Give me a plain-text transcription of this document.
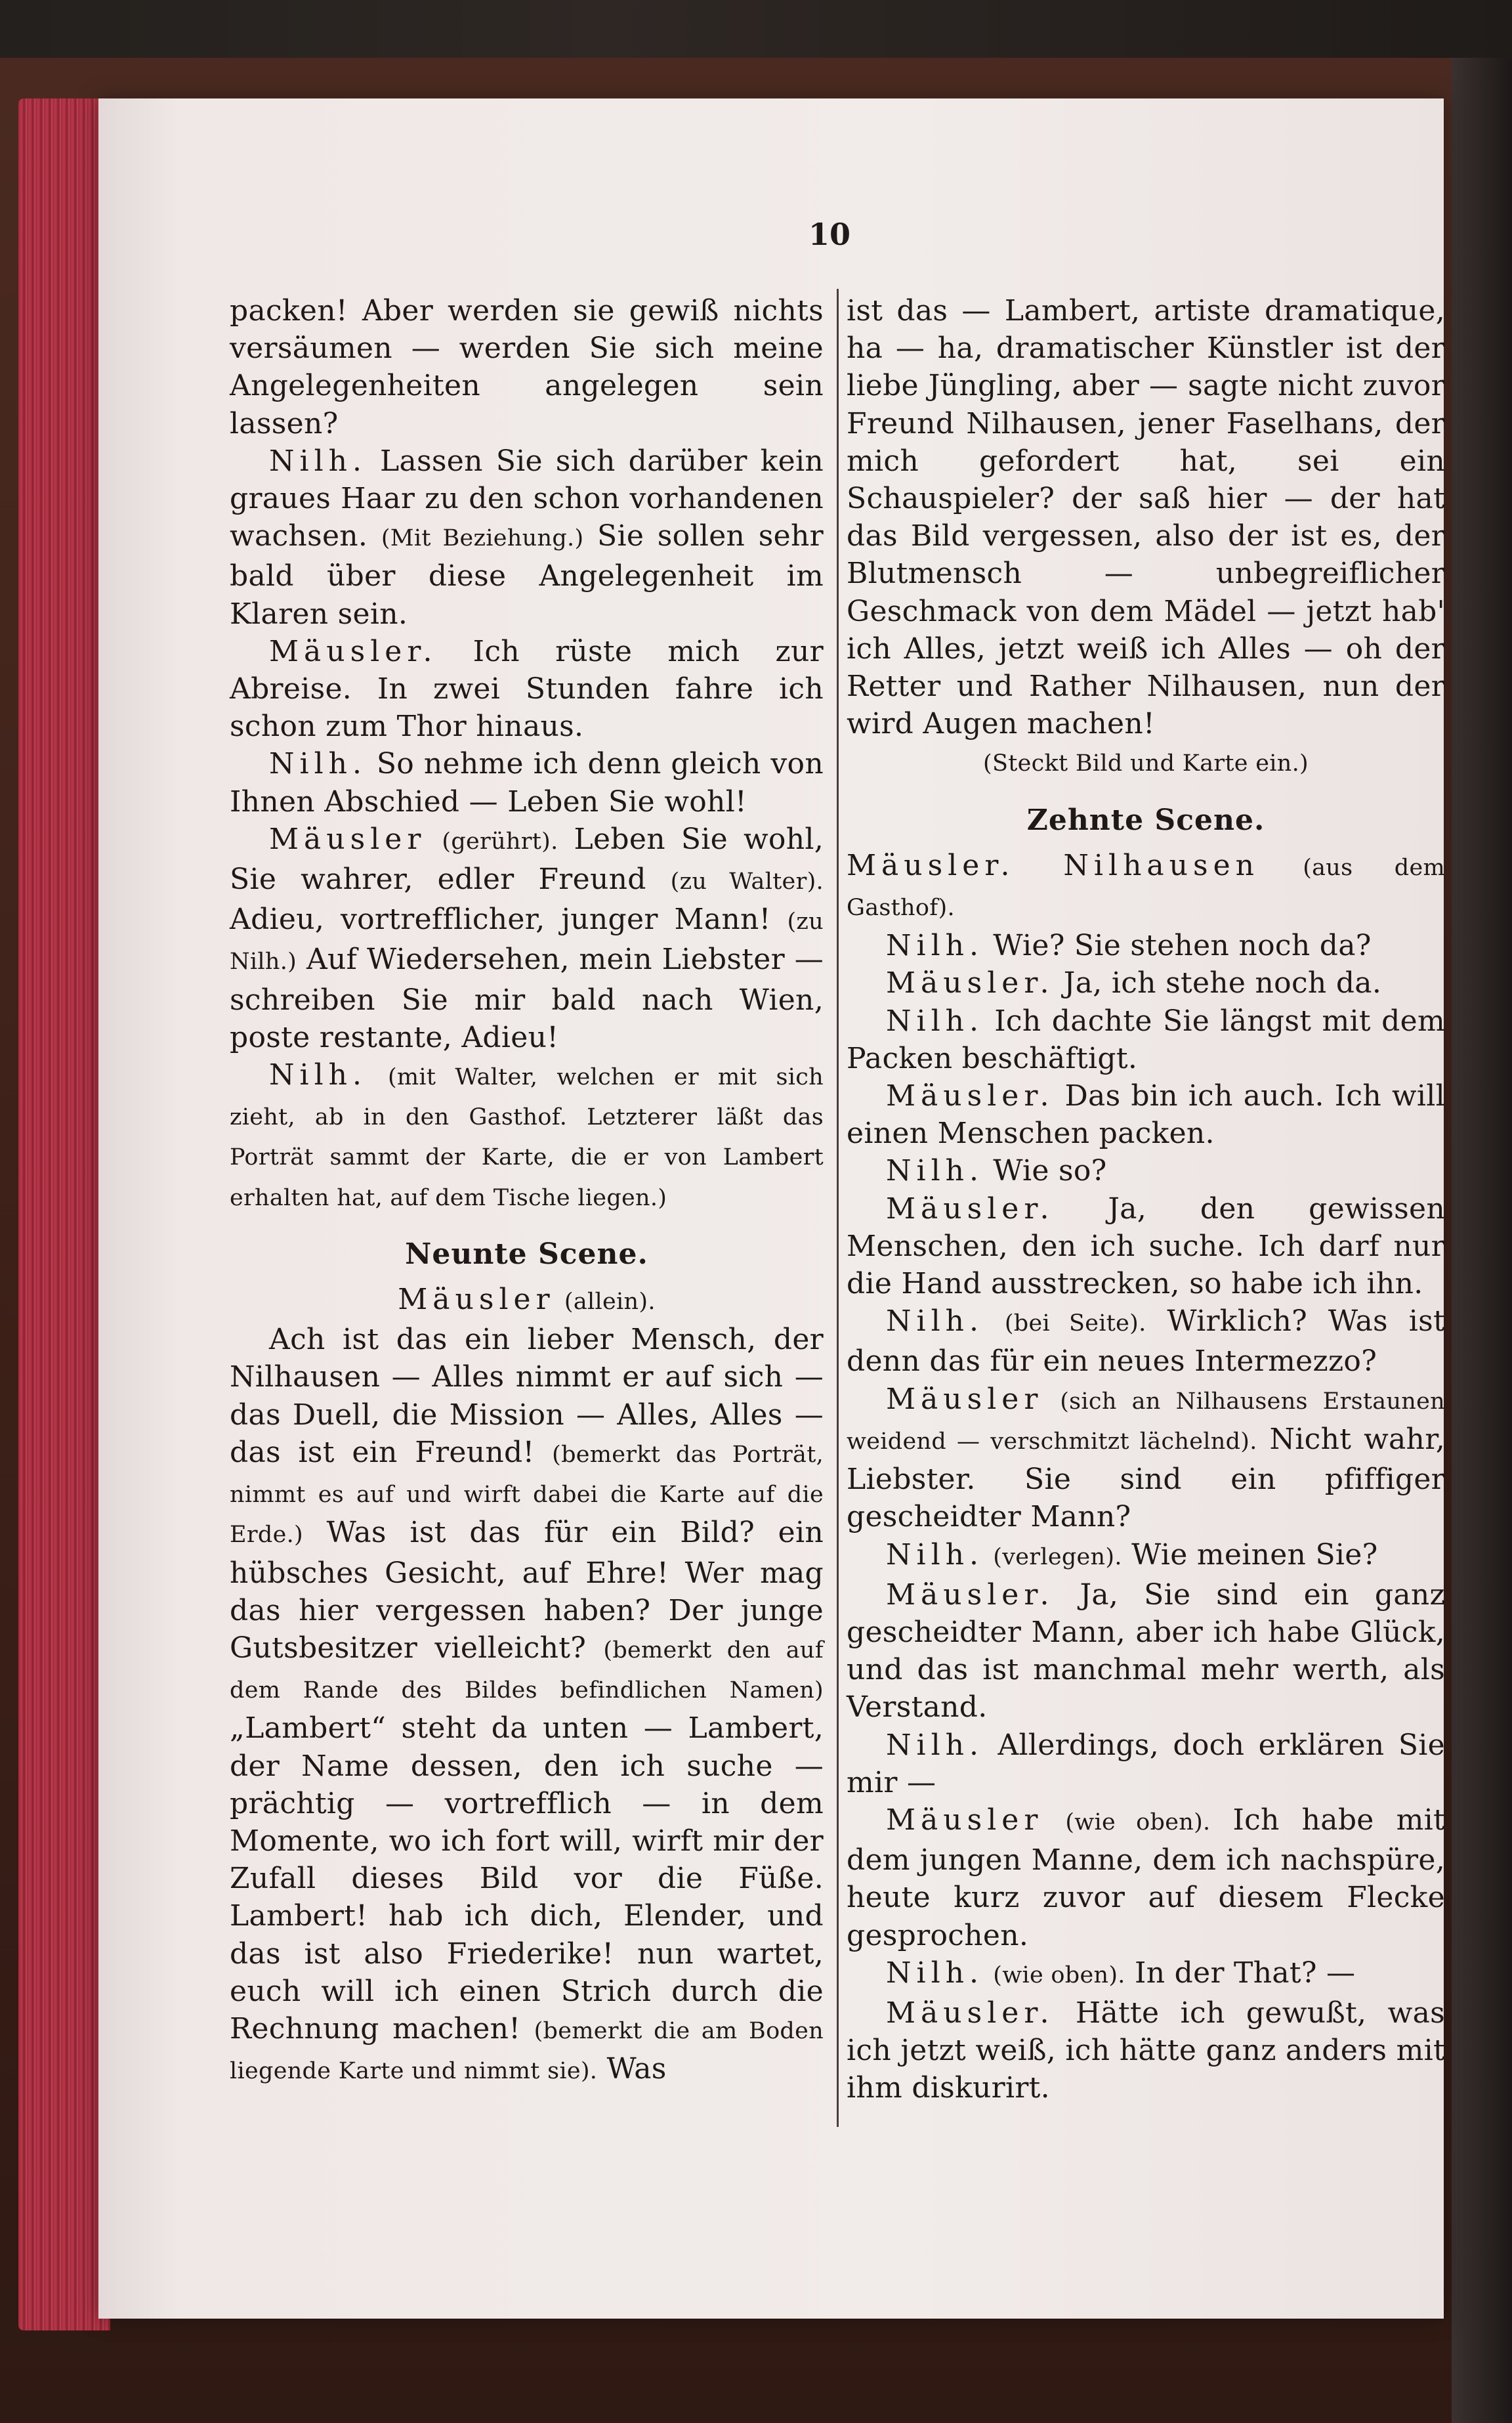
10

packen! Aber werden sie gewiß nichts versäumen — werden Sie sich meine Angelegenheiten angelegen sein lassen?

Nilh. Lassen Sie sich darüber kein graues Haar zu den schon vorhandenen wachsen. (Mit Beziehung.) Sie sollen sehr bald über diese Angelegenheit im Klaren sein.

Mäusler. Ich rüste mich zur Abreise. In zwei Stunden fahre ich schon zum Thor hinaus.

Nilh. So nehme ich denn gleich von Ihnen Abschied — Leben Sie wohl!

Mäusler (gerührt). Leben Sie wohl, Sie wahrer, edler Freund (zu Walter). Adieu, vortrefflicher, junger Mann! (zu Nilh.) Auf Wiedersehen, mein Liebster — schreiben Sie mir bald nach Wien, poste restante, Adieu!

Nilh. (mit Walter, welchen er mit sich zieht, ab in den Gasthof. Letzterer läßt das Porträt sammt der Karte, die er von Lambert erhalten hat, auf dem Tische liegen.)

Neunte Scene.

Mäusler (allein).

Ach ist das ein lieber Mensch, der Nilhausen — Alles nimmt er auf sich — das Duell, die Mission — Alles, Alles — das ist ein Freund! (bemerkt das Porträt, nimmt es auf und wirft dabei die Karte auf die Erde.) Was ist das für ein Bild? ein hübsches Gesicht, auf Ehre! Wer mag das hier vergessen haben? Der junge Gutsbesitzer vielleicht? (bemerkt den auf dem Rande des Bildes befindlichen Namen) „Lambert“ steht da unten — Lambert, der Name dessen, den ich suche — prächtig — vortrefflich — in dem Momente, wo ich fort will, wirft mir der Zufall dieses Bild vor die Füße. Lambert! hab ich dich, Elender, und das ist also Friederike! nun wartet, euch will ich einen Strich durch die Rechnung machen! (bemerkt die am Boden liegende Karte und nimmt sie). Was

ist das — Lambert, artiste dramatique, ha — ha, dramatischer Künstler ist der liebe Jüngling, aber — sagte nicht zuvor Freund Nilhausen, jener Faselhans, der mich gefordert hat, sei ein Schauspieler? der saß hier — der hat das Bild vergessen, also der ist es, der Blutmensch — unbegreiflicher Geschmack von dem Mädel — jetzt hab' ich Alles, jetzt weiß ich Alles — oh der Retter und Rather Nilhausen, nun der wird Augen machen!

(Steckt Bild und Karte ein.)

Zehnte Scene.

Mäusler. Nilhausen (aus dem Gasthof).

Nilh. Wie? Sie stehen noch da?

Mäusler. Ja, ich stehe noch da.

Nilh. Ich dachte Sie längst mit dem Packen beschäftigt.

Mäusler. Das bin ich auch. Ich will einen Menschen packen.

Nilh. Wie so?

Mäusler. Ja, den gewissen Menschen, den ich suche. Ich darf nur die Hand ausstrecken, so habe ich ihn.

Nilh. (bei Seite). Wirklich? Was ist denn das für ein neues Intermezzo?

Mäusler (sich an Nilhausens Erstaunen weidend — verschmitzt lächelnd). Nicht wahr, Liebster. Sie sind ein pfiffiger gescheidter Mann?

Nilh. (verlegen). Wie meinen Sie?

Mäusler. Ja, Sie sind ein ganz gescheidter Mann, aber ich habe Glück, und das ist manchmal mehr werth, als Verstand.

Nilh. Allerdings, doch erklären Sie mir —

Mäusler (wie oben). Ich habe mit dem jungen Manne, dem ich nachspüre, heute kurz zuvor auf diesem Flecke gesprochen.

Nilh. (wie oben). In der That? —

Mäusler. Hätte ich gewußt, was ich jetzt weiß, ich hätte ganz anders mit ihm diskurirt.
